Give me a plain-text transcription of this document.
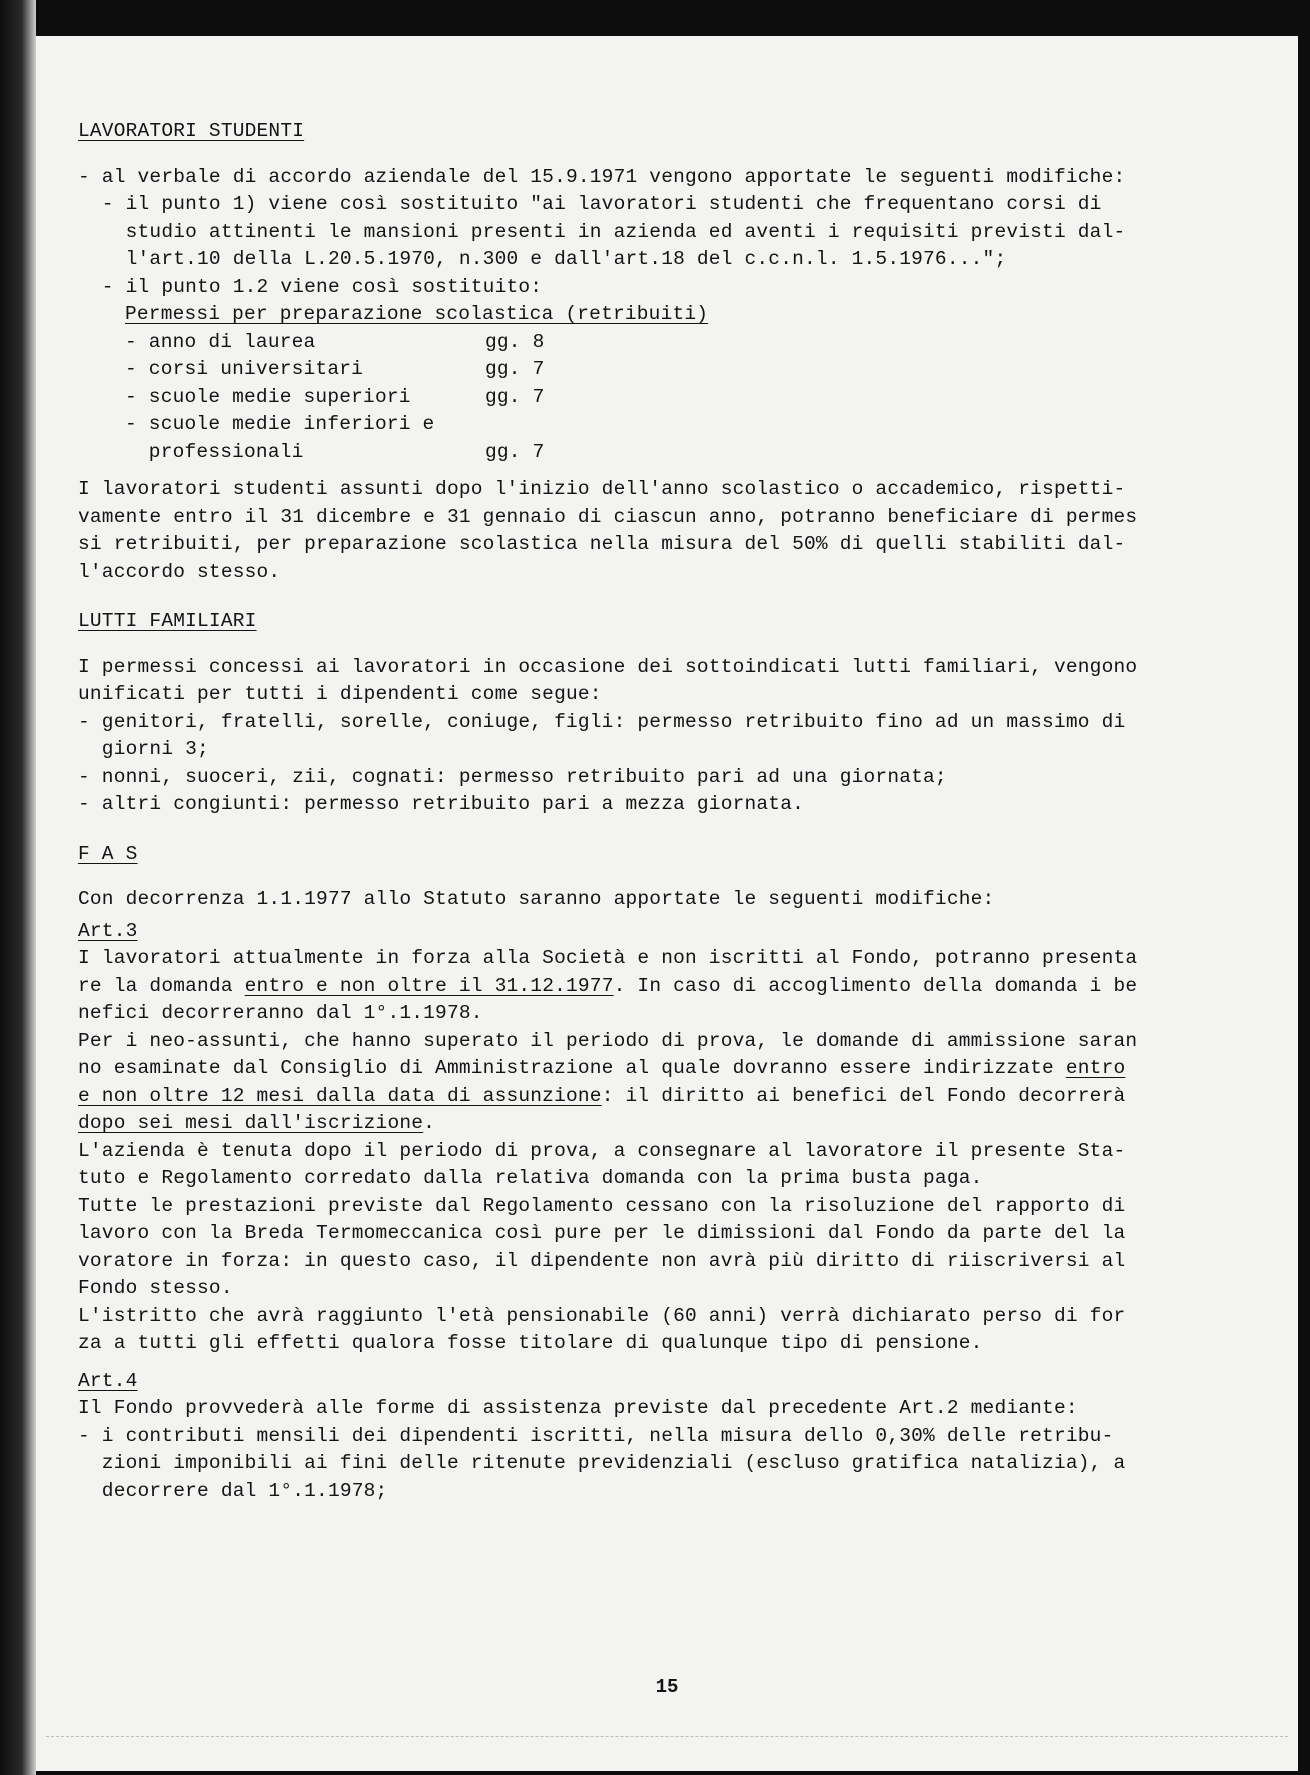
LAVORATORI STUDENTI
- al verbale di accordo aziendale del 15.9.1971 vengono apportate le seguenti modifiche:
- il punto 1) viene così sostituito "ai lavoratori studenti che frequentano corsi di
studio attinenti le mansioni presenti in azienda ed aventi i requisiti previsti dal-
l'art.10 della L.20.5.1970, n.300 e dall'art.18 del c.c.n.l. 1.5.1976...";
- il punto 1.2 viene così sostituito:
Permessi per preparazione scolastica (retribuiti)
- anno di laurea	gg. 8
- corsi universitari	gg. 7
- scuole medie superiori	gg. 7
- scuole medie inferiori e
professionali	gg. 7
I lavoratori studenti assunti dopo l'inizio dell'anno scolastico o accademico, rispetti-
vamente entro il 31 dicembre e 31 gennaio di ciascun anno, potranno beneficiare di permes
si retribuiti, per preparazione scolastica nella misura del 50% di quelli stabiliti dal-
l'accordo stesso.
LUTTI FAMILIARI
I permessi concessi ai lavoratori in occasione dei sottoindicati lutti familiari, vengono
unificati per tutti i dipendenti come segue:
- genitori, fratelli, sorelle, coniuge, figli: permesso retribuito fino ad un massimo di
giorni 3;
- nonni, suoceri, zii, cognati: permesso retribuito pari ad una giornata;
- altri congiunti: permesso retribuito pari a mezza giornata.
F A S
Con decorrenza 1.1.1977 allo Statuto saranno apportate le seguenti modifiche:
Art.3
I lavoratori attualmente in forza alla Società e non iscritti al Fondo, potranno presenta
re la domanda entro e non oltre il 31.12.1977. In caso di accoglimento della domanda i be
nefici decorreranno dal 1°.1.1978.
Per i neo-assunti, che hanno superato il periodo di prova, le domande di ammissione saran
no esaminate dal Consiglio di Amministrazione al quale dovranno essere indirizzate entro
e non oltre 12 mesi dalla data di assunzione: il diritto ai benefici del Fondo decorrerà
dopo sei mesi dall'iscrizione.
L'azienda è tenuta dopo il periodo di prova, a consegnare al lavoratore il presente Sta-
tuto e Regolamento corredato dalla relativa domanda con la prima busta paga.
Tutte le prestazioni previste dal Regolamento cessano con la risoluzione del rapporto di
lavoro con la Breda Termomeccanica così pure per le dimissioni dal Fondo da parte del la
voratore in forza: in questo caso, il dipendente non avrà più diritto di riiscriversi al
Fondo stesso.
L'istritto che avrà raggiunto l'età pensionabile (60 anni) verrà dichiarato perso di for
za a tutti gli effetti qualora fosse titolare di qualunque tipo di pensione.
Art.4
Il Fondo provvederà alle forme di assistenza previste dal precedente Art.2 mediante:
- i contributi mensili dei dipendenti iscritti, nella misura dello 0,30% delle retribu-
zioni imponibili ai fini delle ritenute previdenziali (escluso gratifica natalizia), a
decorrere dal 1°.1.1978;
15
